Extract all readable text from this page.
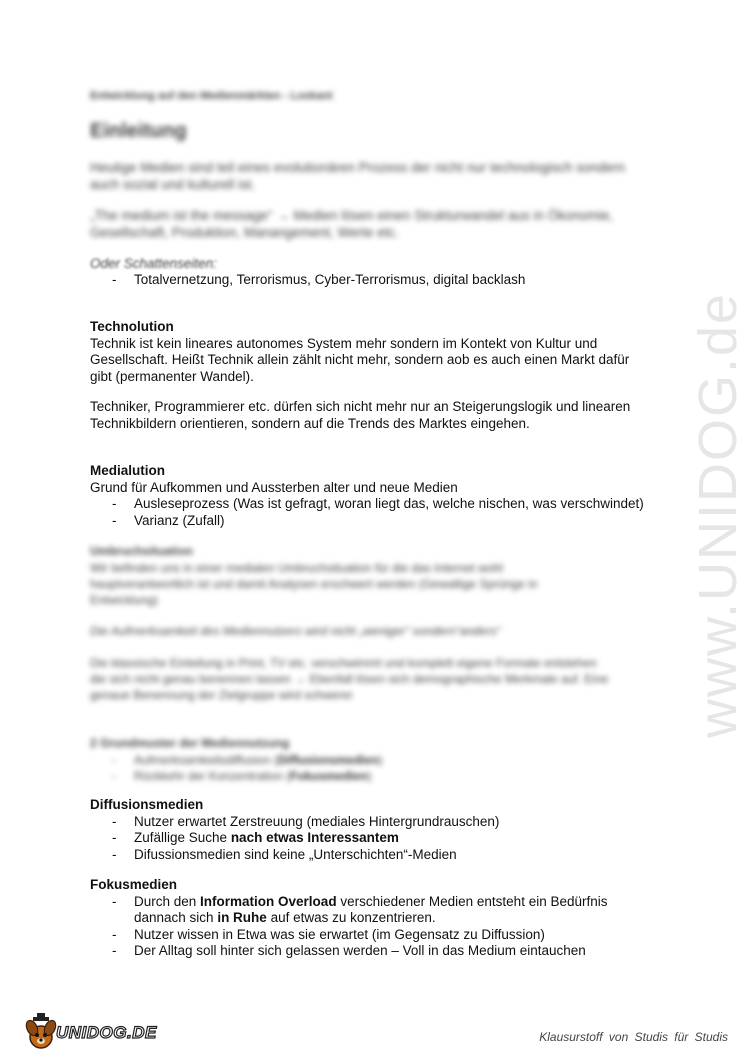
www.UNIDOG.de
Entwicklung auf den Medienmärkten - Loskant
Einleitung

Heutige Medien sind teil eines evolutionären Prozess der nicht nur technologisch sondern auch sozial und kulturell ist.

„The medium ist the message“ → Medien lösen einen Strukturwandel aus in Ökonomie, Gesellschaft, Produktion, Manangement, Werte etc.

Oder Schattenseiten:

- Totalvernetzung, Terrorismus, Cyber-Terrorismus, digital backlash

Technolution

Technik ist kein lineares autonomes System mehr sondern im Kontekt von Kultur und Gesellschaft. Heißt Technik allein zählt nicht mehr, sondern aob es auch einen Markt dafür gibt (permanenter Wandel).

Techniker, Programmierer etc. dürfen sich nicht mehr nur an Steigerungslogik und linearen Technikbildern orientieren, sondern auf die Trends des Marktes eingehen.

Medialution

Grund für Aufkommen und Aussterben alter und neue Medien

- Ausleseprozess (Was ist gefragt, woran liegt das, welche nischen, was verschwindet)
- Varianz (Zufall)

Umbruchsituation

Wir befinden uns in einer medialen Umbruchsituation für die das Internet wohl hauptverantwortlich ist und damit Analysen erschwert werden (Gewaltige Sprünge in Entwicklung)

Die Aufmerksamkeit des Mediennutzers wird nicht „weniger“ sondern“anders“

Die klassische Einteilung in Print, TV etc. verschwimmt und komplett eigene Formate entstehen die sich nicht genau benennen lassen → Ebenfall lösen sich demographische Merkmale auf. Eine genaue Benennung der Zielgruppe wird schwerer

2 Grundmuster der Mediennutzung

- Aufmerksamkeitsdiffusion (Diffusionsmedien)
- Rückkehr der Konzentration (Fokusmedien)

Diffusionsmedien

- Nutzer erwartet Zerstreuung (mediales Hintergrundrauschen)
- Zufällige Suche nach etwas Interessantem
- Difussionsmedien sind keine „Unterschichten“-Medien

Fokusmedien

- Durch den Information Overload verschiedener Medien entsteht ein Bedürfnis dannach sich in Ruhe auf etwas zu konzentrieren.
- Nutzer wissen in Etwa was sie erwartet (im Gegensatz zu Diffussion)
- Der Alltag soll hinter sich gelassen werden – Voll in das Medium eintauchen
UNIDOG.DE	Klausurstoff von Studis für Studis
